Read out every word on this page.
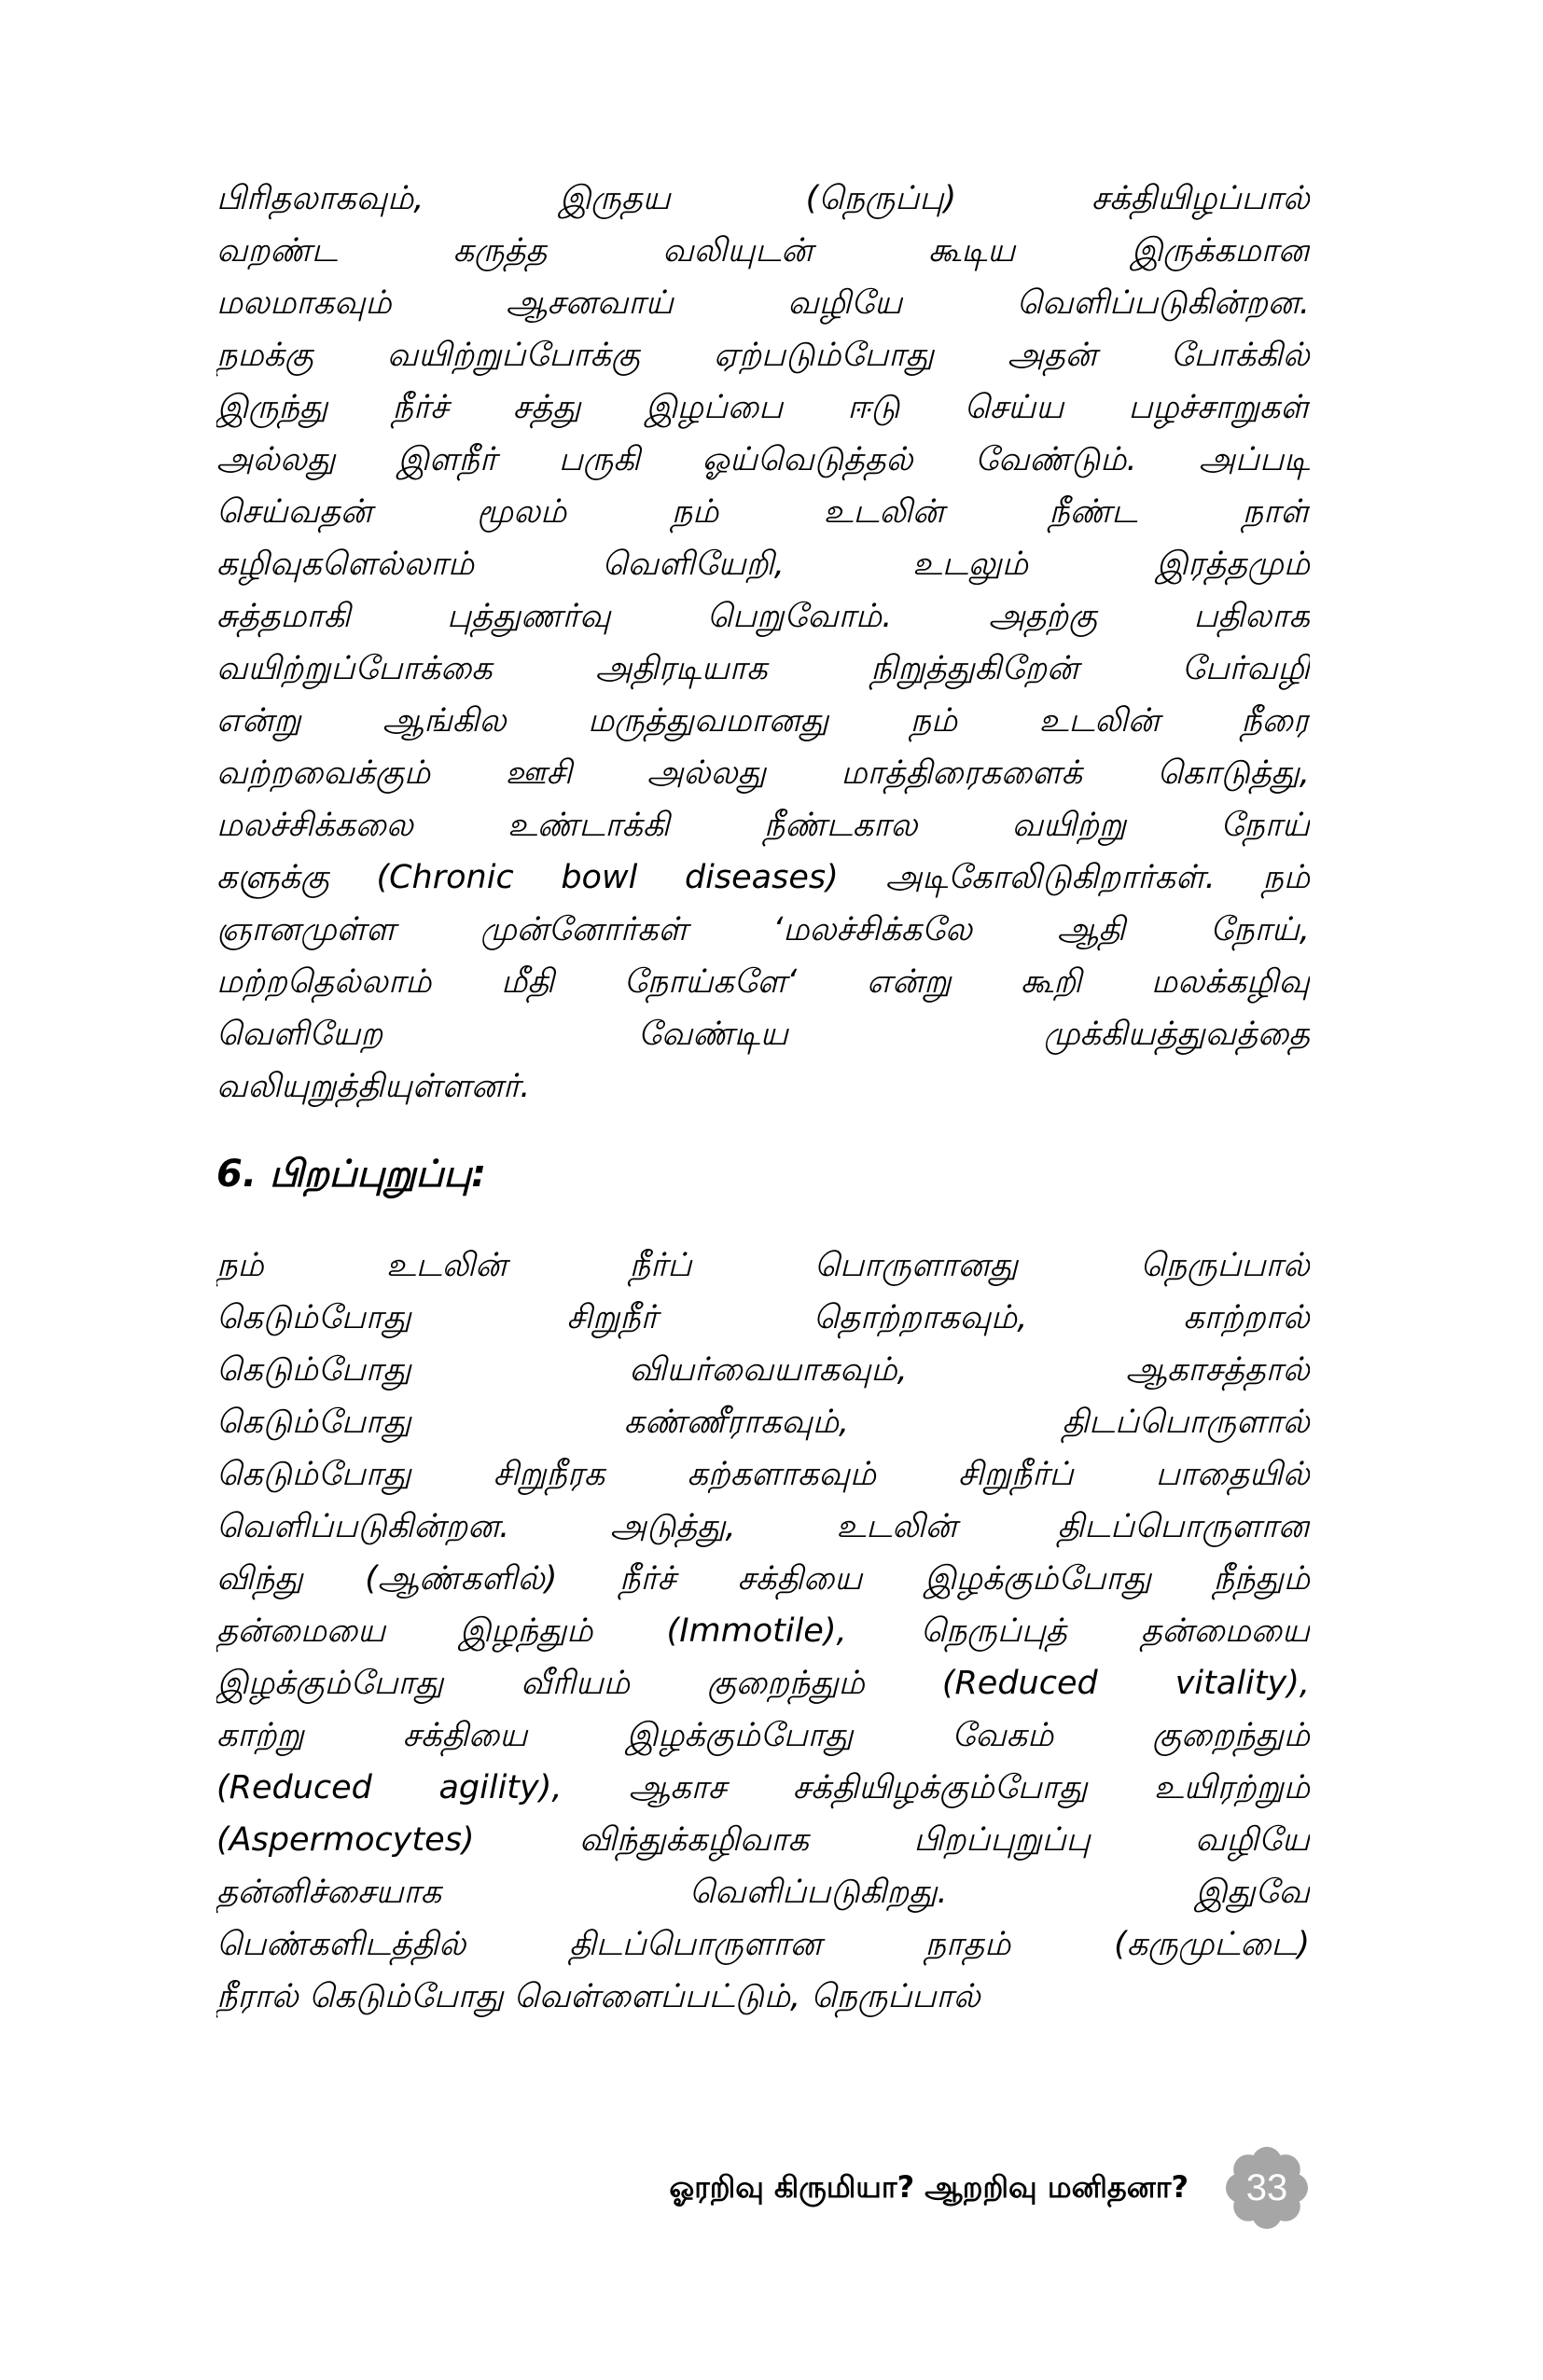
பிரிதலாகவும், இருதய (நெருப்பு) சக்தியிழப்பால்
வறண்ட கருத்த வலியுடன் கூடிய இருக்கமான
மலமாகவும் ஆசனவாய் வழியே வெளிப்படுகின்றன.
நமக்கு வயிற்றுப்போக்கு ஏற்படும்போது அதன் போக்கில்
இருந்து நீர்ச் சத்து இழப்பை ஈடு செய்ய பழச்சாறுகள்
அல்லது இளநீர் பருகி ஓய்வெடுத்தல் வேண்டும். அப்படி
செய்வதன் மூலம் நம் உடலின் நீண்ட நாள்
கழிவுகளெல்லாம் வெளியேறி, உடலும் இரத்தமும்
சுத்தமாகி புத்துணர்வு பெறுவோம். அதற்கு பதிலாக
வயிற்றுப்போக்கை அதிரடியாக நிறுத்துகிறேன் பேர்வழி
என்று ஆங்கில மருத்துவமானது நம் உடலின் நீரை
வற்றவைக்கும் ஊசி அல்லது மாத்திரைகளைக் கொடுத்து,
மலச்சிக்கலை உண்டாக்கி நீண்டகால வயிற்று நோய்
களுக்கு (Chronic bowl diseases) அடிகோலிடுகிறார்கள். நம்
ஞானமுள்ள முன்னோர்கள் ‘மலச்சிக்கலே ஆதி நோய்,
மற்றதெல்லாம் மீதி நோய்களே‘ என்று கூறி மலக்கழிவு
வெளியேற வேண்டிய முக்கியத்துவத்தை
வலியுறுத்தியுள்ளனர்.
6. பிறப்புறுப்பு:
நம் உடலின் நீர்ப் பொருளானது நெருப்பால்
கெடும்போது சிறுநீர் தொற்றாகவும், காற்றால்
கெடும்போது வியர்வையாகவும், ஆகாசத்தால்
கெடும்போது கண்ணீராகவும், திடப்பொருளால்
கெடும்போது சிறுநீரக கற்களாகவும் சிறுநீர்ப் பாதையில்
வெளிப்படுகின்றன. அடுத்து, உடலின் திடப்பொருளான
விந்து (ஆண்களில்) நீர்ச் சக்தியை இழக்கும்போது நீந்தும்
தன்மையை இழந்தும் (Immotile), நெருப்புத் தன்மையை
இழக்கும்போது வீரியம் குறைந்தும் (Reduced vitality),
காற்று சக்தியை இழக்கும்போது வேகம் குறைந்தும்
(Reduced agility), ஆகாச சக்தியிழக்கும்போது உயிரற்றும்
(Aspermocytes) விந்துக்கழிவாக பிறப்புறுப்பு வழியே
தன்னிச்சையாக வெளிப்படுகிறது. இதுவே
பெண்களிடத்தில் திடப்பொருளான நாதம் (கருமுட்டை)
நீரால் கெடும்போது வெள்ளைப்பட்டும், நெருப்பால்
ஓரறிவு கிருமியா? ஆறறிவு மனிதனா?	33
